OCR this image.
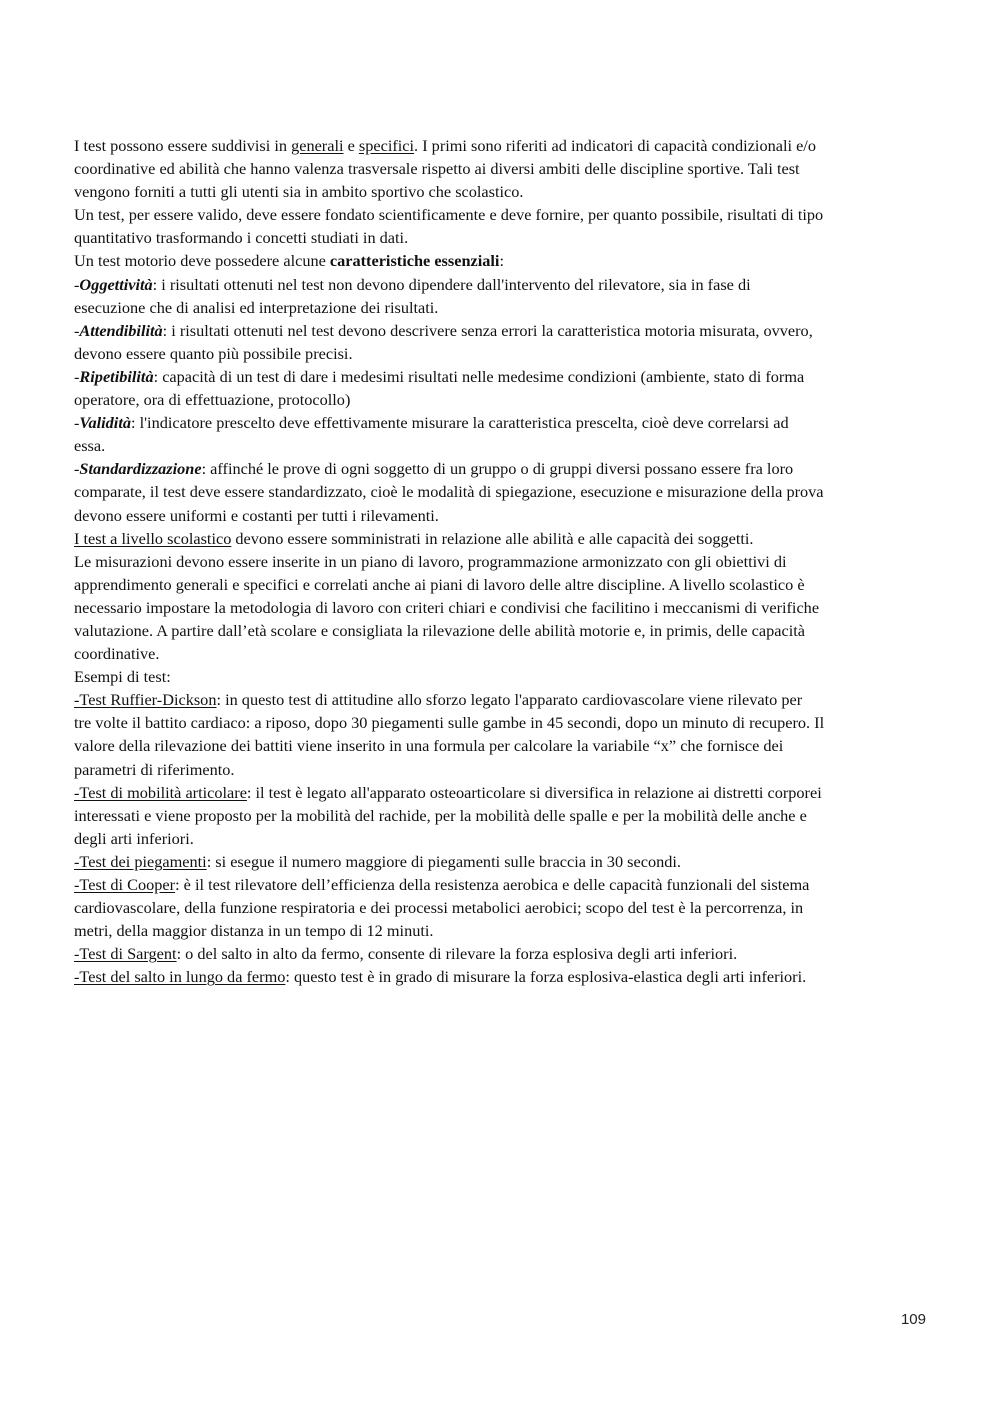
I test possono essere suddivisi in generali e specifici. I primi sono riferiti ad indicatori di capacità condizionali e/o
coordinative ed abilità che hanno valenza trasversale rispetto ai diversi ambiti delle discipline sportive. Tali test
vengono forniti a tutti gli utenti sia in ambito sportivo che scolastico.
Un test, per essere valido, deve essere fondato scientificamente e deve fornire, per quanto possibile, risultati di tipo
quantitativo trasformando i concetti studiati in dati.
Un test motorio deve possedere alcune caratteristiche essenziali:
-Oggettività: i risultati ottenuti nel test non devono dipendere dall'intervento del rilevatore, sia in fase di
esecuzione che di analisi ed interpretazione dei risultati.
-Attendibilità: i risultati ottenuti nel test devono descrivere senza errori la caratteristica motoria misurata, ovvero,
devono essere quanto più possibile precisi.
-Ripetibilità: capacità di un test di dare i medesimi risultati nelle medesime condizioni (ambiente, stato di forma
operatore, ora di effettuazione, protocollo)
-Validità: l'indicatore prescelto deve effettivamente misurare la caratteristica prescelta, cioè deve correlarsi ad
essa.
-Standardizzazione: affinché le prove di ogni soggetto di un gruppo o di gruppi diversi possano essere fra loro
comparate, il test deve essere standardizzato, cioè le modalità di spiegazione, esecuzione e misurazione della prova
devono essere uniformi e costanti per tutti i rilevamenti.
I test a livello scolastico devono essere somministrati in relazione alle abilità e alle capacità dei soggetti.
Le misurazioni devono essere inserite in un piano di lavoro, programmazione armonizzato con gli obiettivi di
apprendimento generali e specifici e correlati anche ai piani di lavoro delle altre discipline. A livello scolastico è
necessario impostare la metodologia di lavoro con criteri chiari e condivisi che facilitino i meccanismi di verifiche
valutazione. A partire dall’età scolare e consigliata la rilevazione delle abilità motorie e, in primis, delle capacità
coordinative.
Esempi di test:
-Test Ruffier-Dickson: in questo test di attitudine allo sforzo legato l'apparato cardiovascolare viene rilevato per
tre volte il battito cardiaco: a riposo, dopo 30 piegamenti sulle gambe in 45 secondi, dopo un minuto di recupero. Il
valore della rilevazione dei battiti viene inserito in una formula per calcolare la variabile “x” che fornisce dei
parametri di riferimento.
-Test di mobilità articolare: il test è legato all'apparato osteoarticolare si diversifica in relazione ai distretti corporei
interessati e viene proposto per la mobilità del rachide, per la mobilità delle spalle e per la mobilità delle anche e
degli arti inferiori.
-Test dei piegamenti: si esegue il numero maggiore di piegamenti sulle braccia in 30 secondi.
-Test di Cooper: è il test rilevatore dell’efficienza della resistenza aerobica e delle capacità funzionali del sistema
cardiovascolare, della funzione respiratoria e dei processi metabolici aerobici; scopo del test è la percorrenza, in
metri, della maggior distanza in un tempo di 12 minuti.
-Test di Sargent: o del salto in alto da fermo, consente di rilevare la forza esplosiva degli arti inferiori.
-Test del salto in lungo da fermo: questo test è in grado di misurare la forza esplosiva-elastica degli arti inferiori.
109
